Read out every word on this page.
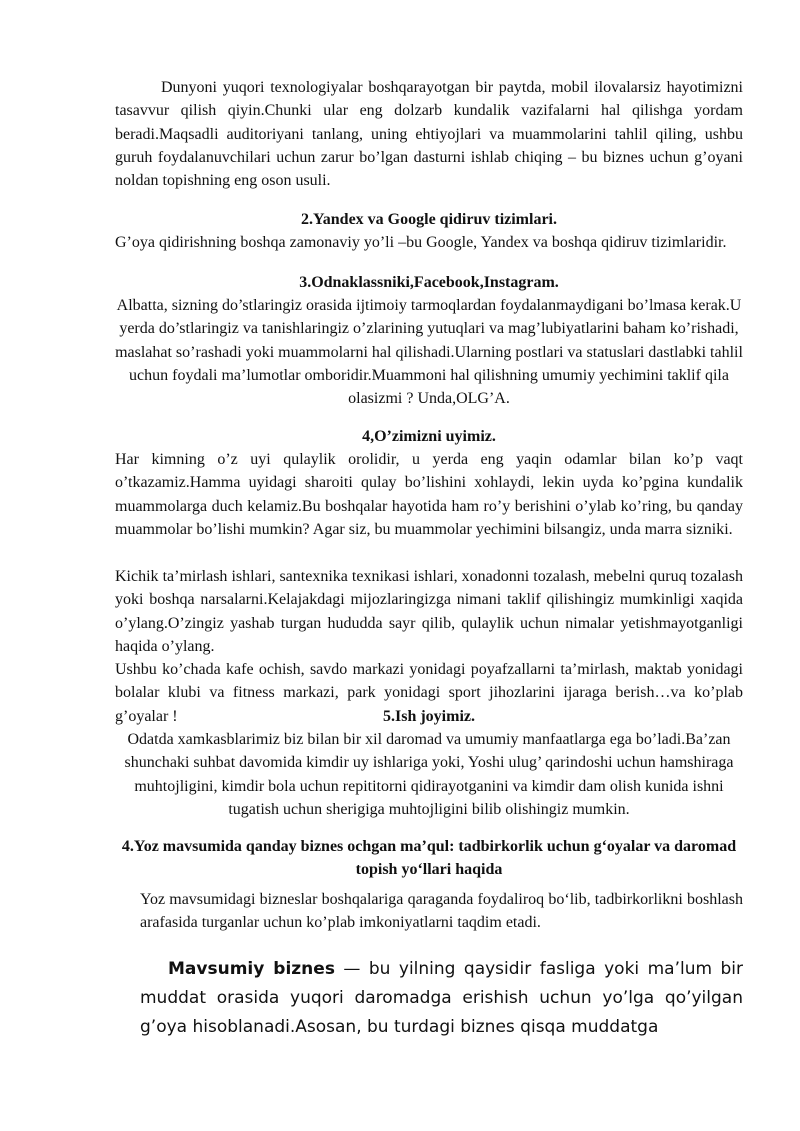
Dunyoni yuqori texnologiyalar boshqarayotgan bir paytda, mobil ilovalarsiz hayotimizni tasavvur qilish qiyin.Chunki ular eng dolzarb kundalik vazifalarni hal qilishga yordam beradi.Maqsadli auditoriyani tanlang, uning ehtiyojlari va muammolarini tahlil qiling, ushbu guruh foydalanuvchilari uchun zarur bo’lgan dasturni ishlab chiqing – bu biznes uchun g’oyani noldan topishning eng oson usuli.

2.Yandex va Google qidiruv tizimlari.

G’oya qidirishning boshqa zamonaviy yo’li –bu Google, Yandex va boshqa qidiruv tizimlaridir.

3.Odnaklassniki,Facebook,Instagram.

Albatta, sizning do’stlaringiz orasida ijtimoiy tarmoqlardan foydalanmaydigani bo’lmasa kerak.U yerda do’stlaringiz va tanishlaringiz o’zlarining yutuqlari va mag’lubiyatlarini baham ko’rishadi, maslahat so’rashadi yoki muammolarni hal qilishadi.Ularning postlari va statuslari dastlabki tahlil uchun foydali ma’lumotlar omboridir.Muammoni hal qilishning umumiy yechimini taklif qila olasizmi ? Unda,OLG’A.

4,O’zimizni uyimiz.

Har kimning o’z uyi qulaylik orolidir, u yerda eng yaqin odamlar bilan ko’p vaqt o’tkazamiz.Hamma uyidagi sharoiti qulay bo’lishini xohlaydi, lekin uyda ko’pgina kundalik muammolarga duch kelamiz.Bu boshqalar hayotida ham ro’y berishini o’ylab ko’ring, bu qanday muammolar bo’lishi mumkin? Agar siz, bu muammolar yechimini bilsangiz, unda marra sizniki.

Kichik ta’mirlash ishlari, santexnika texnikasi ishlari, xonadonni tozalash, mebelni quruq tozalash yoki boshqa narsalarni.Kelajakdagi mijozlaringizga nimani taklif qilishingiz mumkinligi xaqida o’ylang.O’zingiz yashab turgan hududda sayr qilib, qulaylik uchun nimalar yetishmayotganligi haqida o’ylang.

Ushbu ko’chada kafe ochish, savdo markazi yonidagi poyafzallarni ta’mirlash, maktab yonidagi bolalar klubi va fitness markazi, park yonidagi sport jihozlarini ijaraga berish…va ko’plab g’oyalar !	5.Ish joyimiz.

Odatda xamkasblarimiz biz bilan bir xil daromad va umumiy manfaatlarga ega bo’ladi.Ba’zan shunchaki suhbat davomida kimdir uy ishlariga yoki, Yoshi ulug’ qarindoshi uchun hamshiraga muhtojligini, kimdir bola uchun repititorni qidirayotganini va kimdir dam olish kunida ishni tugatish uchun sherigiga muhtojligini bilib olishingiz mumkin.

4.Yoz mavsumida qanday biznes ochgan ma’qul: tadbirkorlik uchun g‘oyalar va daromad topish yo‘llari haqida

Yoz mavsumidagi bizneslar boshqalariga qaraganda foydaliroq bo‘lib, tadbirkorlikni boshlash arafasida turganlar uchun ko’plab imkoniyatlarni taqdim etadi.

Mavsumiy biznes — bu yilning qaysidir fasliga yoki ma’lum bir muddat orasida yuqori daromadga erishish uchun yo’lga qo’yilgan g’oya hisoblanadi.Asosan, bu turdagi biznes qisqa muddatga
